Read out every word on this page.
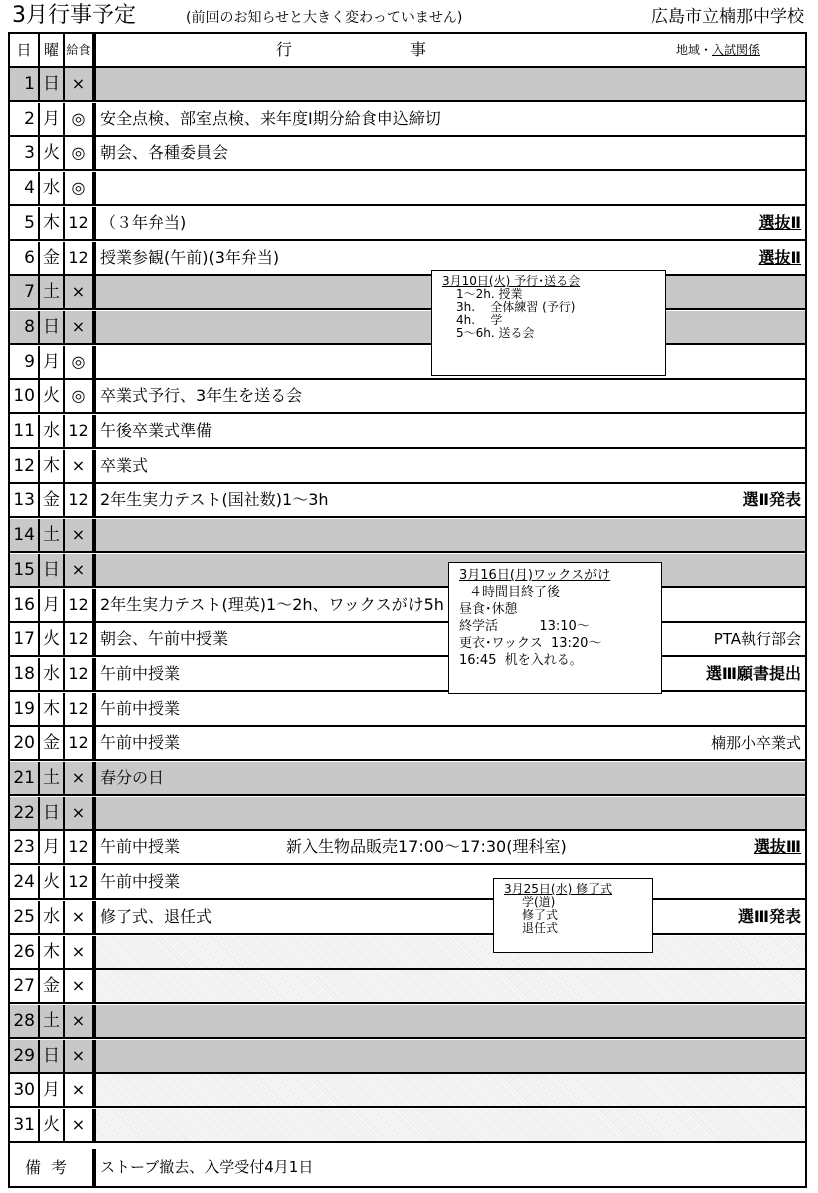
3月行事予定	(前回のお知らせと大きく変わっていません)	広島市立楠那中学校
日 曜 給食	行事	地域・入試関係
1 日 ×
2 月 ◎ 安全点検、部室点検、来年度Ⅰ期分給食申込締切
3 火 ◎ 朝会、各種委員会
4 水 ◎
5 木 12 （３年弁当)	選抜Ⅱ
6 金 12 授業参観(午前)(3年弁当)	選抜Ⅱ
7 土 ×
8 日 ×
9 月 ◎
10 火 ◎ 卒業式予行、3年生を送る会
11 水 12 午後卒業式準備
12 木 × 卒業式
13 金 12 2年生実力テスト(国社数)1～3h	選Ⅱ発表
14 土 ×
15 日 ×
16 月 12 2年生実力テスト(理英)1～2h、ワックスがけ5h
17 火 12 朝会、午前中授業	PTA執行部会
18 水 12 午前中授業	選Ⅲ願書提出
19 木 12 午前中授業
20 金 12 午前中授業	楠那小卒業式
21 土 × 春分の日
22 日 ×
23 月 12 午前中授業	新入生物品販売17:00～17:30(理科室)	選抜Ⅲ
24 火 12 午前中授業
25 水 × 修了式、退任式	選Ⅲ発表
26 木 ×
27 金 ×
28 土 ×
29 日 ×
30 月 ×
31 火 ×
備考	ストーブ撤去、入学受付4月1日
3月10日(火) 予行･送る会
1～2h. 授業
3h.    全体練習 (予行)
4h.    学
5～6h. 送る会
3月16日(月)ワックスがけ
４時間目終了後
昼食･休憩
終学活          13:10～
更衣･ワックス  13:20～
16:45  机を入れる。
3月25日(水) 修了式
学(道)
修了式
退任式
